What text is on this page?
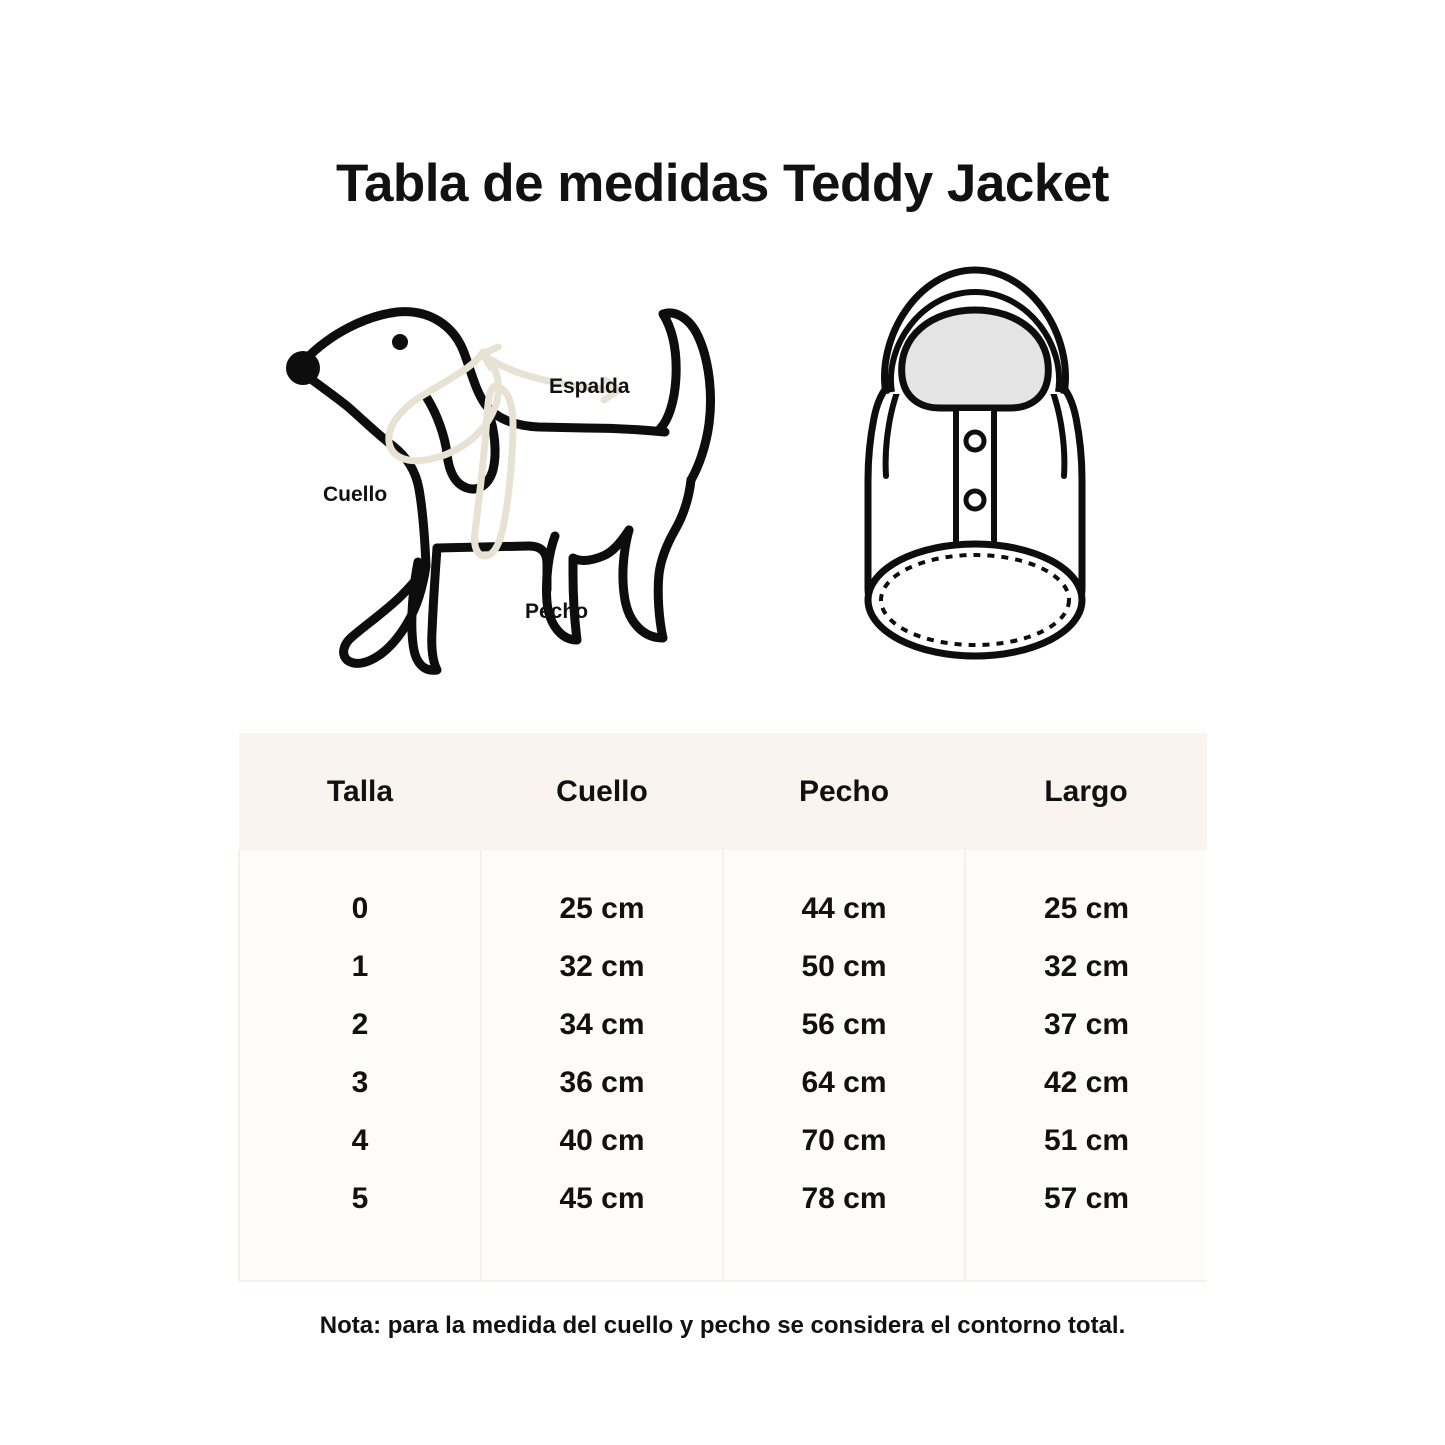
Tabla de medidas Teddy Jacket
Espalda
Cuello
Pecho
Talla	Cuello	Pecho	Largo
0	25 cm	44 cm	25 cm
1	32 cm	50 cm	32 cm
2	34 cm	56 cm	37 cm
3	36 cm	64 cm	42 cm
4	40 cm	70 cm	51 cm
5	45 cm	78 cm	57 cm
Nota: para la medida del cuello y pecho se considera el contorno total.
